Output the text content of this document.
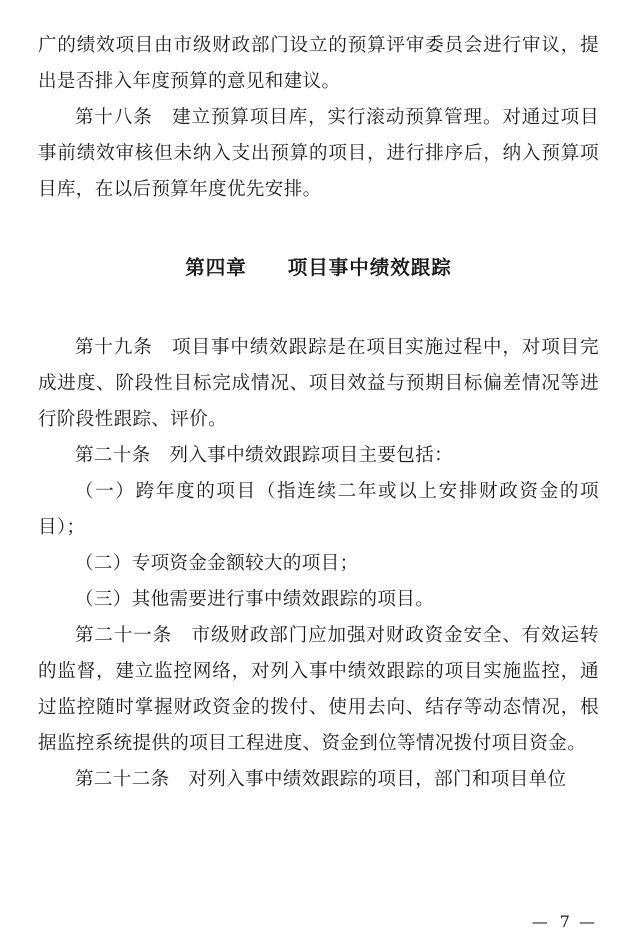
广的绩效项目由市级财政部门设立的预算评审委员会进行审议，提出是否排入年度预算的意见和建议。

第十八条　建立预算项目库，实行滚动预算管理。对通过项目事前绩效审核但未纳入支出预算的项目，进行排序后，纳入预算项目库，在以后预算年度优先安排。

第四章　　项目事中绩效跟踪

第十九条　项目事中绩效跟踪是在项目实施过程中，对项目完成进度、阶段性目标完成情况、项目效益与预期目标偏差情况等进行阶段性跟踪、评价。

第二十条　列入事中绩效跟踪项目主要包括：

（一）跨年度的项目（指连续二年或以上安排财政资金的项目）；

（二）专项资金金额较大的项目；

（三）其他需要进行事中绩效跟踪的项目。

第二十一条　市级财政部门应加强对财政资金安全、有效运转的监督，建立监控网络，对列入事中绩效跟踪的项目实施监控，通过监控随时掌握财政资金的拨付、使用去向、结存等动态情况，根据监控系统提供的项目工程进度、资金到位等情况拨付项目资金。

第二十二条　对列入事中绩效跟踪的项目，部门和项目单位

— 7 —
